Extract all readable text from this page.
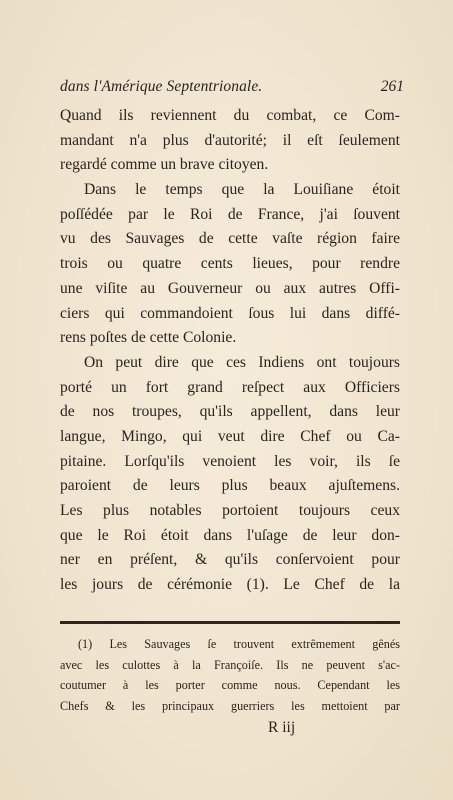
dans l'Amérique Septentrionale.	261
Quand ils reviennent du combat, ce Com-
mandant n'a plus d'autorité; il eſt ſeulement
regardé comme un brave citoyen.
Dans le temps que la Louiſiane étoit
poſſédée par le Roi de France, j'ai ſouvent
vu des Sauvages de cette vaſte région faire
trois ou quatre cents lieues, pour rendre
une viſite au Gouverneur ou aux autres Offi-
ciers qui commandoient ſous lui dans diffé-
rens poſtes de cette Colonie.
On peut dire que ces Indiens ont toujours
porté un fort grand reſpect aux Officiers
de nos troupes, qu'ils appellent, dans leur
langue, Mingo, qui veut dire Chef ou Ca-
pitaine. Lorſqu'ils venoient les voir, ils ſe
paroient de leurs plus beaux ajuſtemens.
Les plus notables portoient toujours ceux
que le Roi étoit dans l'uſage de leur don-
ner en préſent, & qu'ils conſervoient pour
les jours de cérémonie (1). Le Chef de la
(1) Les Sauvages ſe trouvent extrêmement gênés
avec les culottes à la Françoiſe. Ils ne peuvent s'ac-
coutumer à les porter comme nous. Cependant les
Chefs & les principaux guerriers les mettoient par
R iij
